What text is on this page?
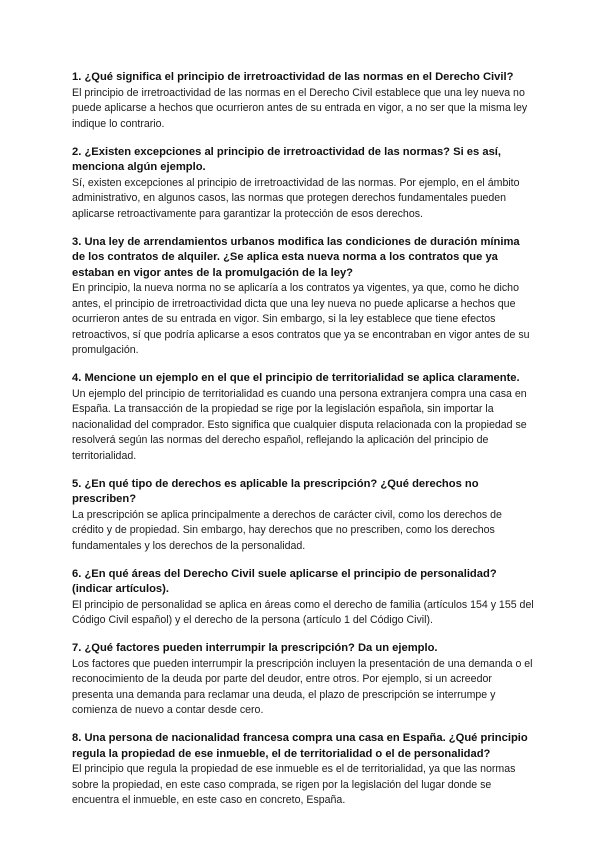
1. ¿Qué significa el principio de irretroactividad de las normas en el Derecho Civil?

El principio de irretroactividad de las normas en el Derecho Civil establece que una ley nueva no puede aplicarse a hechos que ocurrieron antes de su entrada en vigor, a no ser que la misma ley indique lo contrario.

2. ¿Existen excepciones al principio de irretroactividad de las normas? Si es así, menciona algún ejemplo.

Sí, existen excepciones al principio de irretroactividad de las normas. Por ejemplo, en el ámbito administrativo, en algunos casos, las normas que protegen derechos fundamentales pueden aplicarse retroactivamente para garantizar la protección de esos derechos.

3. Una ley de arrendamientos urbanos modifica las condiciones de duración mínima de los contratos de alquiler. ¿Se aplica esta nueva norma a los contratos que ya estaban en vigor antes de la promulgación de la ley?

En principio, la nueva norma no se aplicaría a los contratos ya vigentes, ya que, como he dicho antes, el principio de irretroactividad dicta que una ley nueva no puede aplicarse a hechos que ocurrieron antes de su entrada en vigor. Sin embargo, si la ley establece que tiene efectos retroactivos, sí que podría aplicarse a esos contratos que ya se encontraban en vigor antes de su promulgación.

4. Mencione un ejemplo en el que el principio de territorialidad se aplica claramente.

Un ejemplo del principio de territorialidad es cuando una persona extranjera compra una casa en España. La transacción de la propiedad se rige por la legislación española, sin importar la nacionalidad del comprador. Esto significa que cualquier disputa relacionada con la propiedad se resolverá según las normas del derecho español, reflejando la aplicación del principio de territorialidad.

5. ¿En qué tipo de derechos es aplicable la prescripción? ¿Qué derechos no prescriben?

La prescripción se aplica principalmente a derechos de carácter civil, como los derechos de crédito y de propiedad. Sin embargo, hay derechos que no prescriben, como los derechos fundamentales y los derechos de la personalidad.

6. ¿En qué áreas del Derecho Civil suele aplicarse el principio de personalidad? (indicar artículos).

El principio de personalidad se aplica en áreas como el derecho de familia (artículos 154 y 155 del Código Civil español) y el derecho de la persona (artículo 1 del Código Civil).

7. ¿Qué factores pueden interrumpir la prescripción? Da un ejemplo.

Los factores que pueden interrumpir la prescripción incluyen la presentación de una demanda o el reconocimiento de la deuda por parte del deudor, entre otros. Por ejemplo, si un acreedor presenta una demanda para reclamar una deuda, el plazo de prescripción se interrumpe y comienza de nuevo a contar desde cero.

8. Una persona de nacionalidad francesa compra una casa en España. ¿Qué principio regula la propiedad de ese inmueble, el de territorialidad o el de personalidad?

El principio que regula la propiedad de ese inmueble es el de territorialidad, ya que las normas sobre la propiedad, en este caso comprada, se rigen por la legislación del lugar donde se encuentra el inmueble, en este caso en concreto, España.
